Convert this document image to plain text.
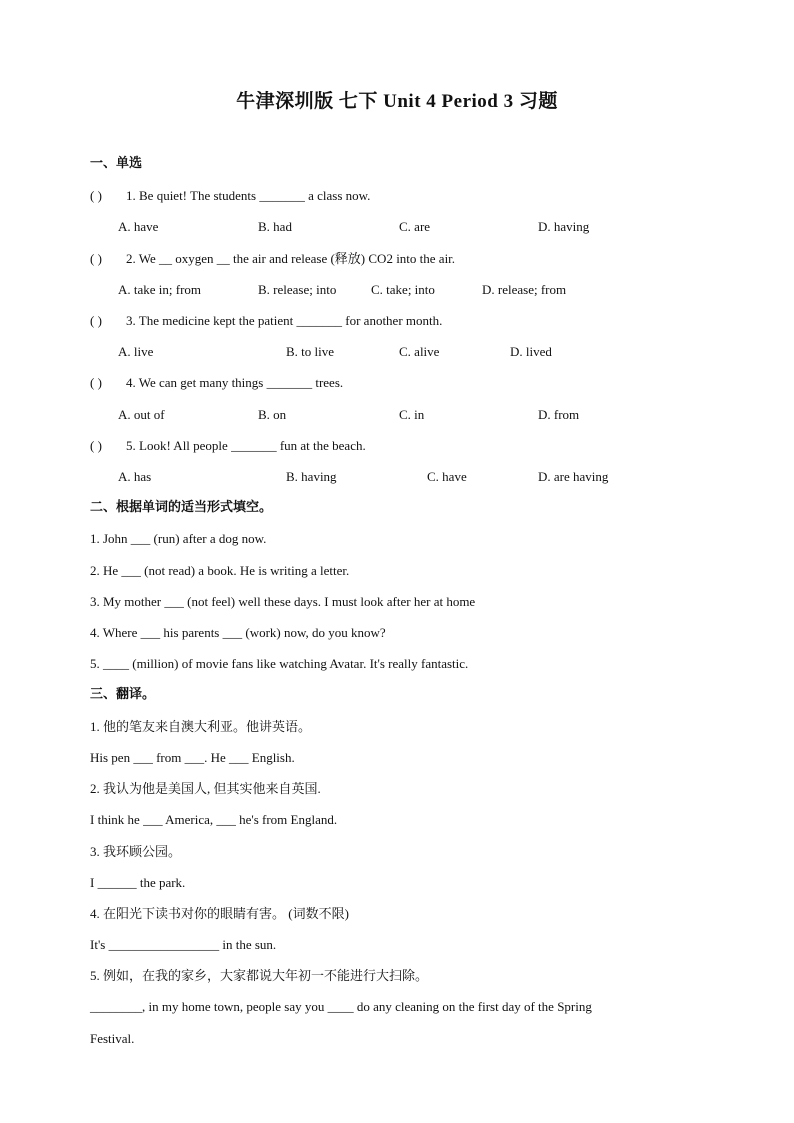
牛津深圳版 七下 Unit 4 Period 3 习题
一、单选
( ) 1. Be quiet! The students _______ a class now.
A. have	B. had	C. are	D. having
( ) 2. We __ oxygen __ the air and release (释放) CO2 into the air.
A. take in; from	B. release; into	C. take; into	D. release; from
( ) 3. The medicine kept the patient _______ for another month.
A. live	B. to live	C. alive	D. lived
( ) 4. We can get many things _______ trees.
A. out of	B. on	C. in	D. from
( ) 5. Look! All people _______ fun at the beach.
A. has	B. having	C. have	D. are having
二、根据单词的适当形式填空。
1. John ___ (run) after a dog now.
2. He ___ (not read) a book. He is writing a letter.
3. My mother ___ (not feel) well these days. I must look after her at home
4. Where ___ his parents ___ (work) now, do you know?
5. ____ (million) of movie fans like watching Avatar. It's really fantastic.
三、翻译。
1. 他的笔友来自澳大利亚。他讲英语。
His pen ___ from ___. He ___ English.
2. 我认为他是美国人, 但其实他来自英国.
I think he ___ America, ___ he's from England.
3. 我环顾公园。
I ______ the park.
4. 在阳光下读书对你的眼睛有害。 (词数不限)
It's _________________ in the sun.
5. 例如，在我的家乡，大家都说大年初一不能进行大扫除。
________, in my home town, people say you ____ do any cleaning on the first day of the Spring
Festival.
